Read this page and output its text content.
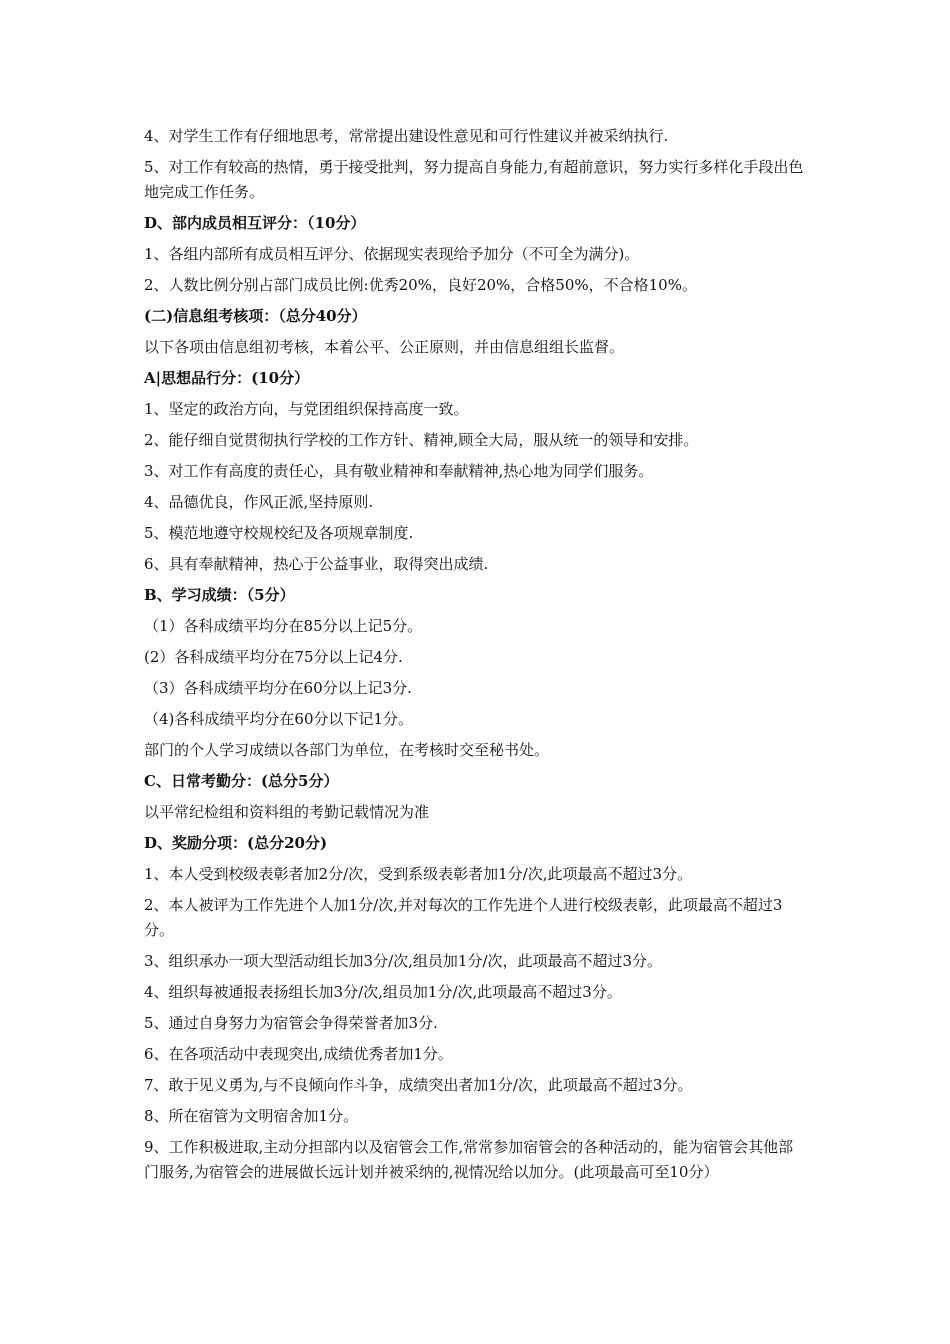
4、对学生工作有仔细地思考，常常提出建设性意见和可行性建议并被采纳执行.

5、对工作有较高的热情，勇于接受批判，努力提高自身能力,有超前意识，努力实行多样化手段出色地完成工作任务。

D、部内成员相互评分：（10分）

1、各组内部所有成员相互评分、依据现实表现给予加分（不可全为满分)。

2、人数比例分别占部门成员比例:优秀20%，良好20%，合格50%，不合格10%。

(二)信息组考核项：（总分40分）

以下各项由信息组初考核，本着公平、公正原则，并由信息组组长监督。

A|思想品行分：(10分）

1、坚定的政治方向，与党团组织保持高度一致。

2、能仔细自觉贯彻执行学校的工作方针、精神,顾全大局，服从统一的领导和安排。

3、对工作有高度的责任心，具有敬业精神和奉献精神,热心地为同学们服务。

4、品德优良，作风正派,坚持原则.

5、模范地遵守校规校纪及各项规章制度.

6、具有奉献精神，热心于公益事业，取得突出成绩.

B、学习成绩：（5分）

（1）各科成绩平均分在85分以上记5分。

(2）各科成绩平均分在75分以上记4分.

（3）各科成绩平均分在60分以上记3分.

（4)各科成绩平均分在60分以下记1分。

部门的个人学习成绩以各部门为单位，在考核时交至秘书处。

C、日常考勤分：(总分5分）

以平常纪检组和资料组的考勤记载情况为准

D、奖励分项：(总分20分)

1、本人受到校级表彰者加2分/次，受到系级表彰者加1分/次,此项最高不超过3分。

2、本人被评为工作先进个人加1分/次,并对每次的工作先进个人进行校级表彰，此项最高不超过3分。

3、组织承办一项大型活动组长加3分/次,组员加1分/次，此项最高不超过3分。

4、组织每被通报表扬组长加3分/次,组员加1分/次,此项最高不超过3分。

5、通过自身努力为宿管会争得荣誉者加3分.

6、在各项活动中表现突出,成绩优秀者加1分。

7、敢于见义勇为,与不良倾向作斗争，成绩突出者加1分/次，此项最高不超过3分。

8、所在宿管为文明宿舍加1分。

9、工作积极进取,主动分担部内以及宿管会工作,常常参加宿管会的各种活动的，能为宿管会其他部门服务,为宿管会的进展做长远计划并被采纳的,视情况给以加分。(此项最高可至10分）
